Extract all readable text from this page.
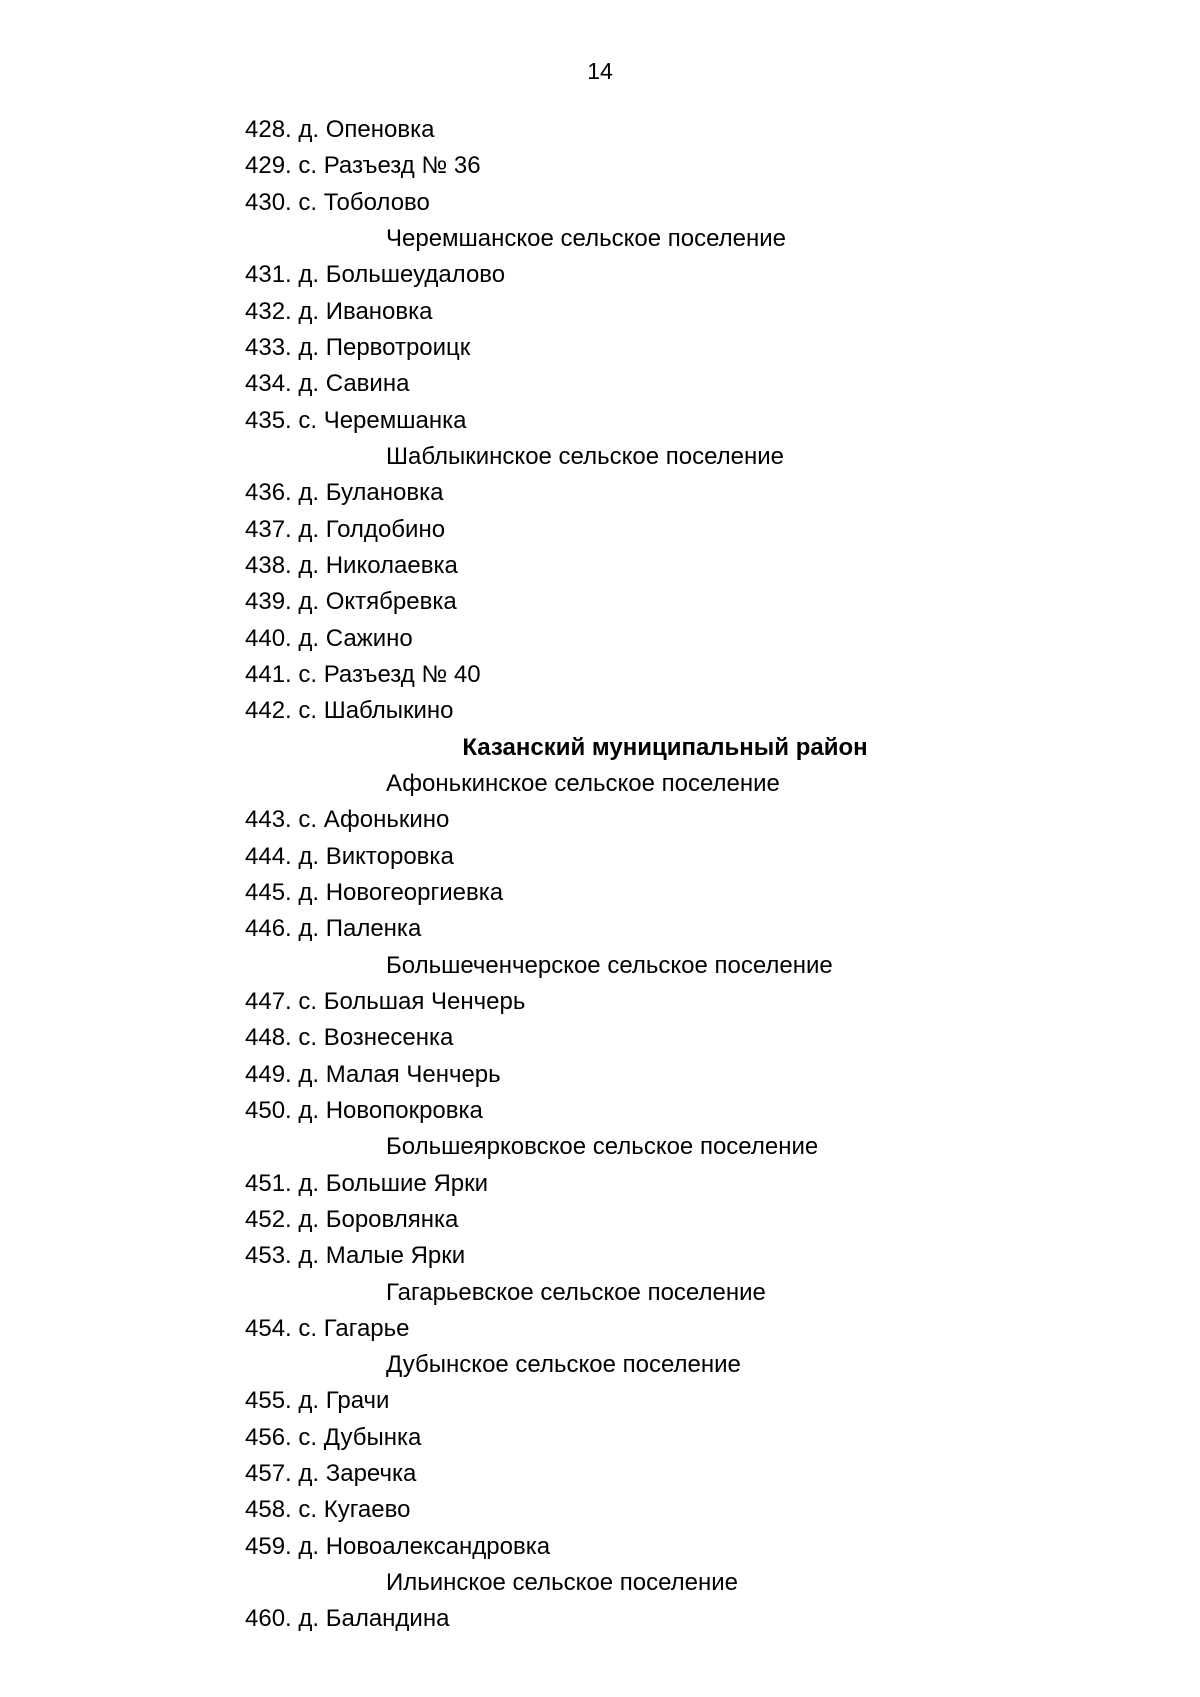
14
428. д. Опеновка
429. с. Разъезд № 36
430. с. Тоболово
Черемшанское сельское поселение
431. д. Большеудалово
432. д. Ивановка
433. д. Первотроицк
434. д. Савина
435. с. Черемшанка
Шаблыкинское сельское поселение
436. д. Булановка
437. д. Голдобино
438. д. Николаевка
439. д. Октябревка
440. д. Сажино
441. с. Разъезд № 40
442. с. Шаблыкино
Казанский муниципальный район
Афонькинское сельское поселение
443. с. Афонькино
444. д. Викторовка
445. д. Новогеоргиевка
446. д. Паленка
Большеченчерское сельское поселение
447. с. Большая Ченчерь
448. с. Вознесенка
449. д. Малая Ченчерь
450. д. Новопокровка
Большеярковское сельское поселение
451. д. Большие Ярки
452. д. Боровлянка
453. д. Малые Ярки
Гагарьевское сельское поселение
454. с. Гагарье
Дубынское сельское поселение
455. д. Грачи
456. с. Дубынка
457. д. Заречка
458. с. Кугаево
459. д. Новоалександровка
Ильинское сельское поселение
460. д. Баландина
